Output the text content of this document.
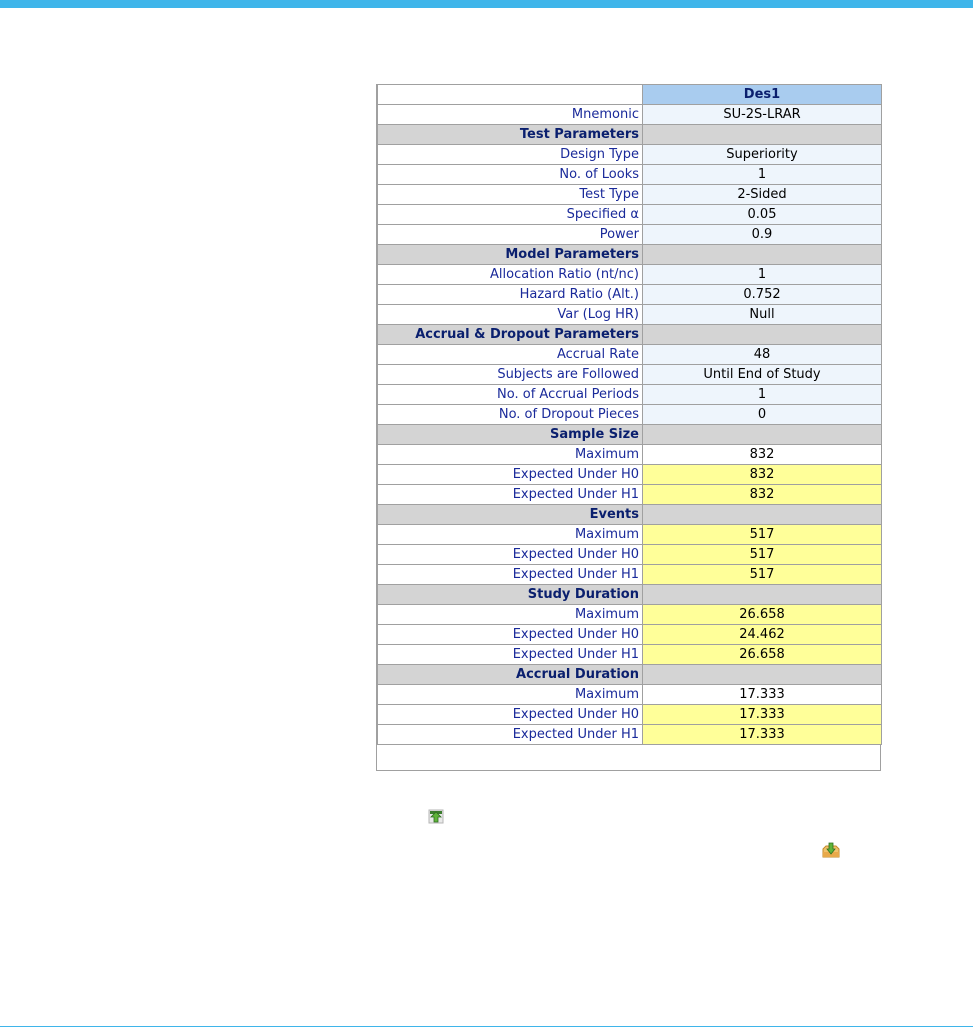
	Des1
Mnemonic	SU-2S-LRAR
Test Parameters	
Design Type	Superiority
No. of Looks	1
Test Type	2-Sided
Specified α	0.05
Power	0.9
Model Parameters	
Allocation Ratio (nt/nc)	1
Hazard Ratio (Alt.)	0.752
Var (Log HR)	Null
Accrual & Dropout Parameters	
Accrual Rate	48
Subjects are Followed	Until End of Study
No. of Accrual Periods	1
No. of Dropout Pieces	0
Sample Size	
Maximum	832
Expected Under H0	832
Expected Under H1	832
Events	
Maximum	517
Expected Under H0	517
Expected Under H1	517
Study Duration	
Maximum	26.658
Expected Under H0	24.462
Expected Under H1	26.658
Accrual Duration	
Maximum	17.333
Expected Under H0	17.333
Expected Under H1	17.333
